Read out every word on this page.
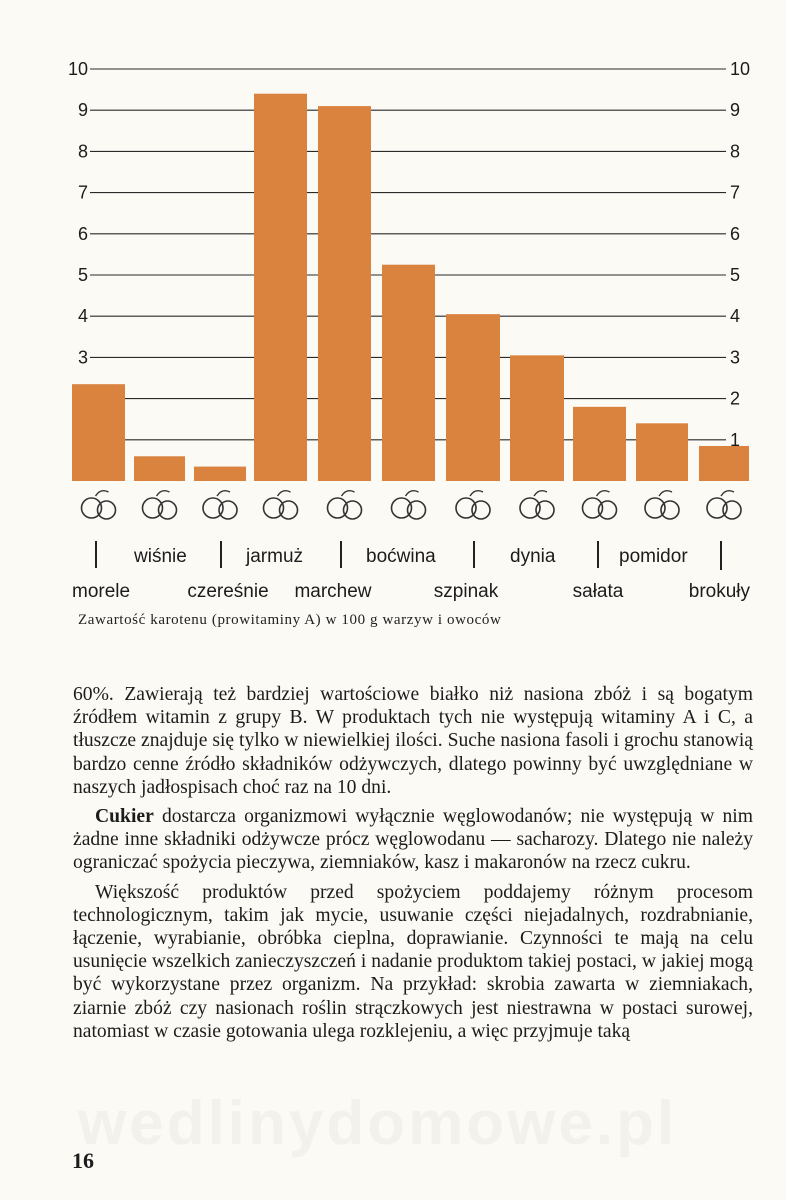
3
4
5
6
7
8
9
10
1
2
3
4
5
6
7
8
9
10
wiśnie	jarmuż	boćwina	dynia	pomidor
morele	czereśnie marchew	szpinak	sałata	brokuły
Zawartość karotenu (prowitaminy A) w 100 g warzyw i owoców

60%. Zawierają też bardziej wartościowe białko niż nasiona zbóż i są bogatym źródłem witamin z grupy B. W produktach tych nie występują witaminy A i C, a tłuszcze znajduje się tylko w niewielkiej ilości. Suche nasiona fasoli i grochu stanowią bardzo cenne źródło składników odżywczych, dlatego powinny być uwzględniane w naszych jadłospisach choć raz na 10 dni.

Cukier dostarcza organizmowi wyłącznie węglowodanów; nie występują w nim żadne inne składniki odżywcze prócz węglowodanu — sacharozy. Dlatego nie należy ograniczać spożycia pieczywa, ziemniaków, kasz i makaronów na rzecz cukru.

Większość produktów przed spożyciem poddajemy różnym procesom technologicznym, takim jak mycie, usuwanie części niejadalnych, rozdrabnianie, łączenie, wyrabianie, obróbka cieplna, doprawianie. Czynności te mają na celu usunięcie wszelkich zanieczyszczeń i nadanie produktom takiej postaci, w jakiej mogą być wykorzystane przez organizm. Na przykład: skrobia zawarta w ziemniakach, ziarnie zbóż czy nasionach roślin strączkowych jest niestrawna w postaci surowej, natomiast w czasie gotowania ulega rozklejeniu, a więc przyjmuje taką

wedlinydomowe.pl
16
